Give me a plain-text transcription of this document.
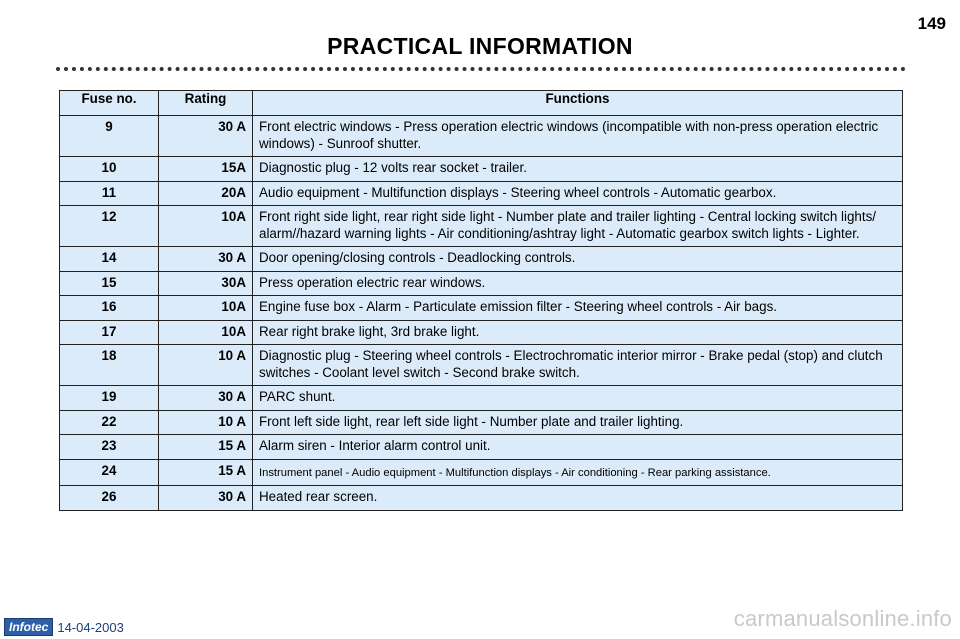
149
PRACTICAL INFORMATION
Fuse no.	Rating	Functions
9	30 A	Front electric windows - Press operation electric windows (incompatible with non-press operation electric windows) - Sunroof shutter.
10	15A	Diagnostic plug - 12 volts rear socket - trailer.
11	20A	Audio equipment - Multifunction displays - Steering wheel controls - Automatic gearbox.
12	10A	Front right side light, rear right side light - Number plate and trailer lighting - Central locking switch lights/ alarm//hazard warning lights - Air conditioning/ashtray light - Automatic gearbox switch lights - Lighter.
14	30 A	Door opening/closing controls - Deadlocking controls.
15	30A	Press operation electric rear windows.
16	10A	Engine fuse box - Alarm - Particulate emission filter - Steering wheel controls - Air bags.
17	10A	Rear right brake light, 3rd brake light.
18	10 A	Diagnostic plug - Steering wheel controls - Electrochromatic interior mirror - Brake pedal (stop) and clutch switches - Coolant level switch - Second brake switch.
19	30 A	PARC shunt.
22	10 A	Front left side light, rear left side light - Number plate and trailer lighting.
23	15 A	Alarm siren - Interior alarm control unit.
24	15 A	Instrument panel - Audio equipment - Multifunction displays - Air conditioning - Rear parking assistance.
26	30 A	Heated rear screen.
Infotec 14-04-2003	carmanualsonline.info
